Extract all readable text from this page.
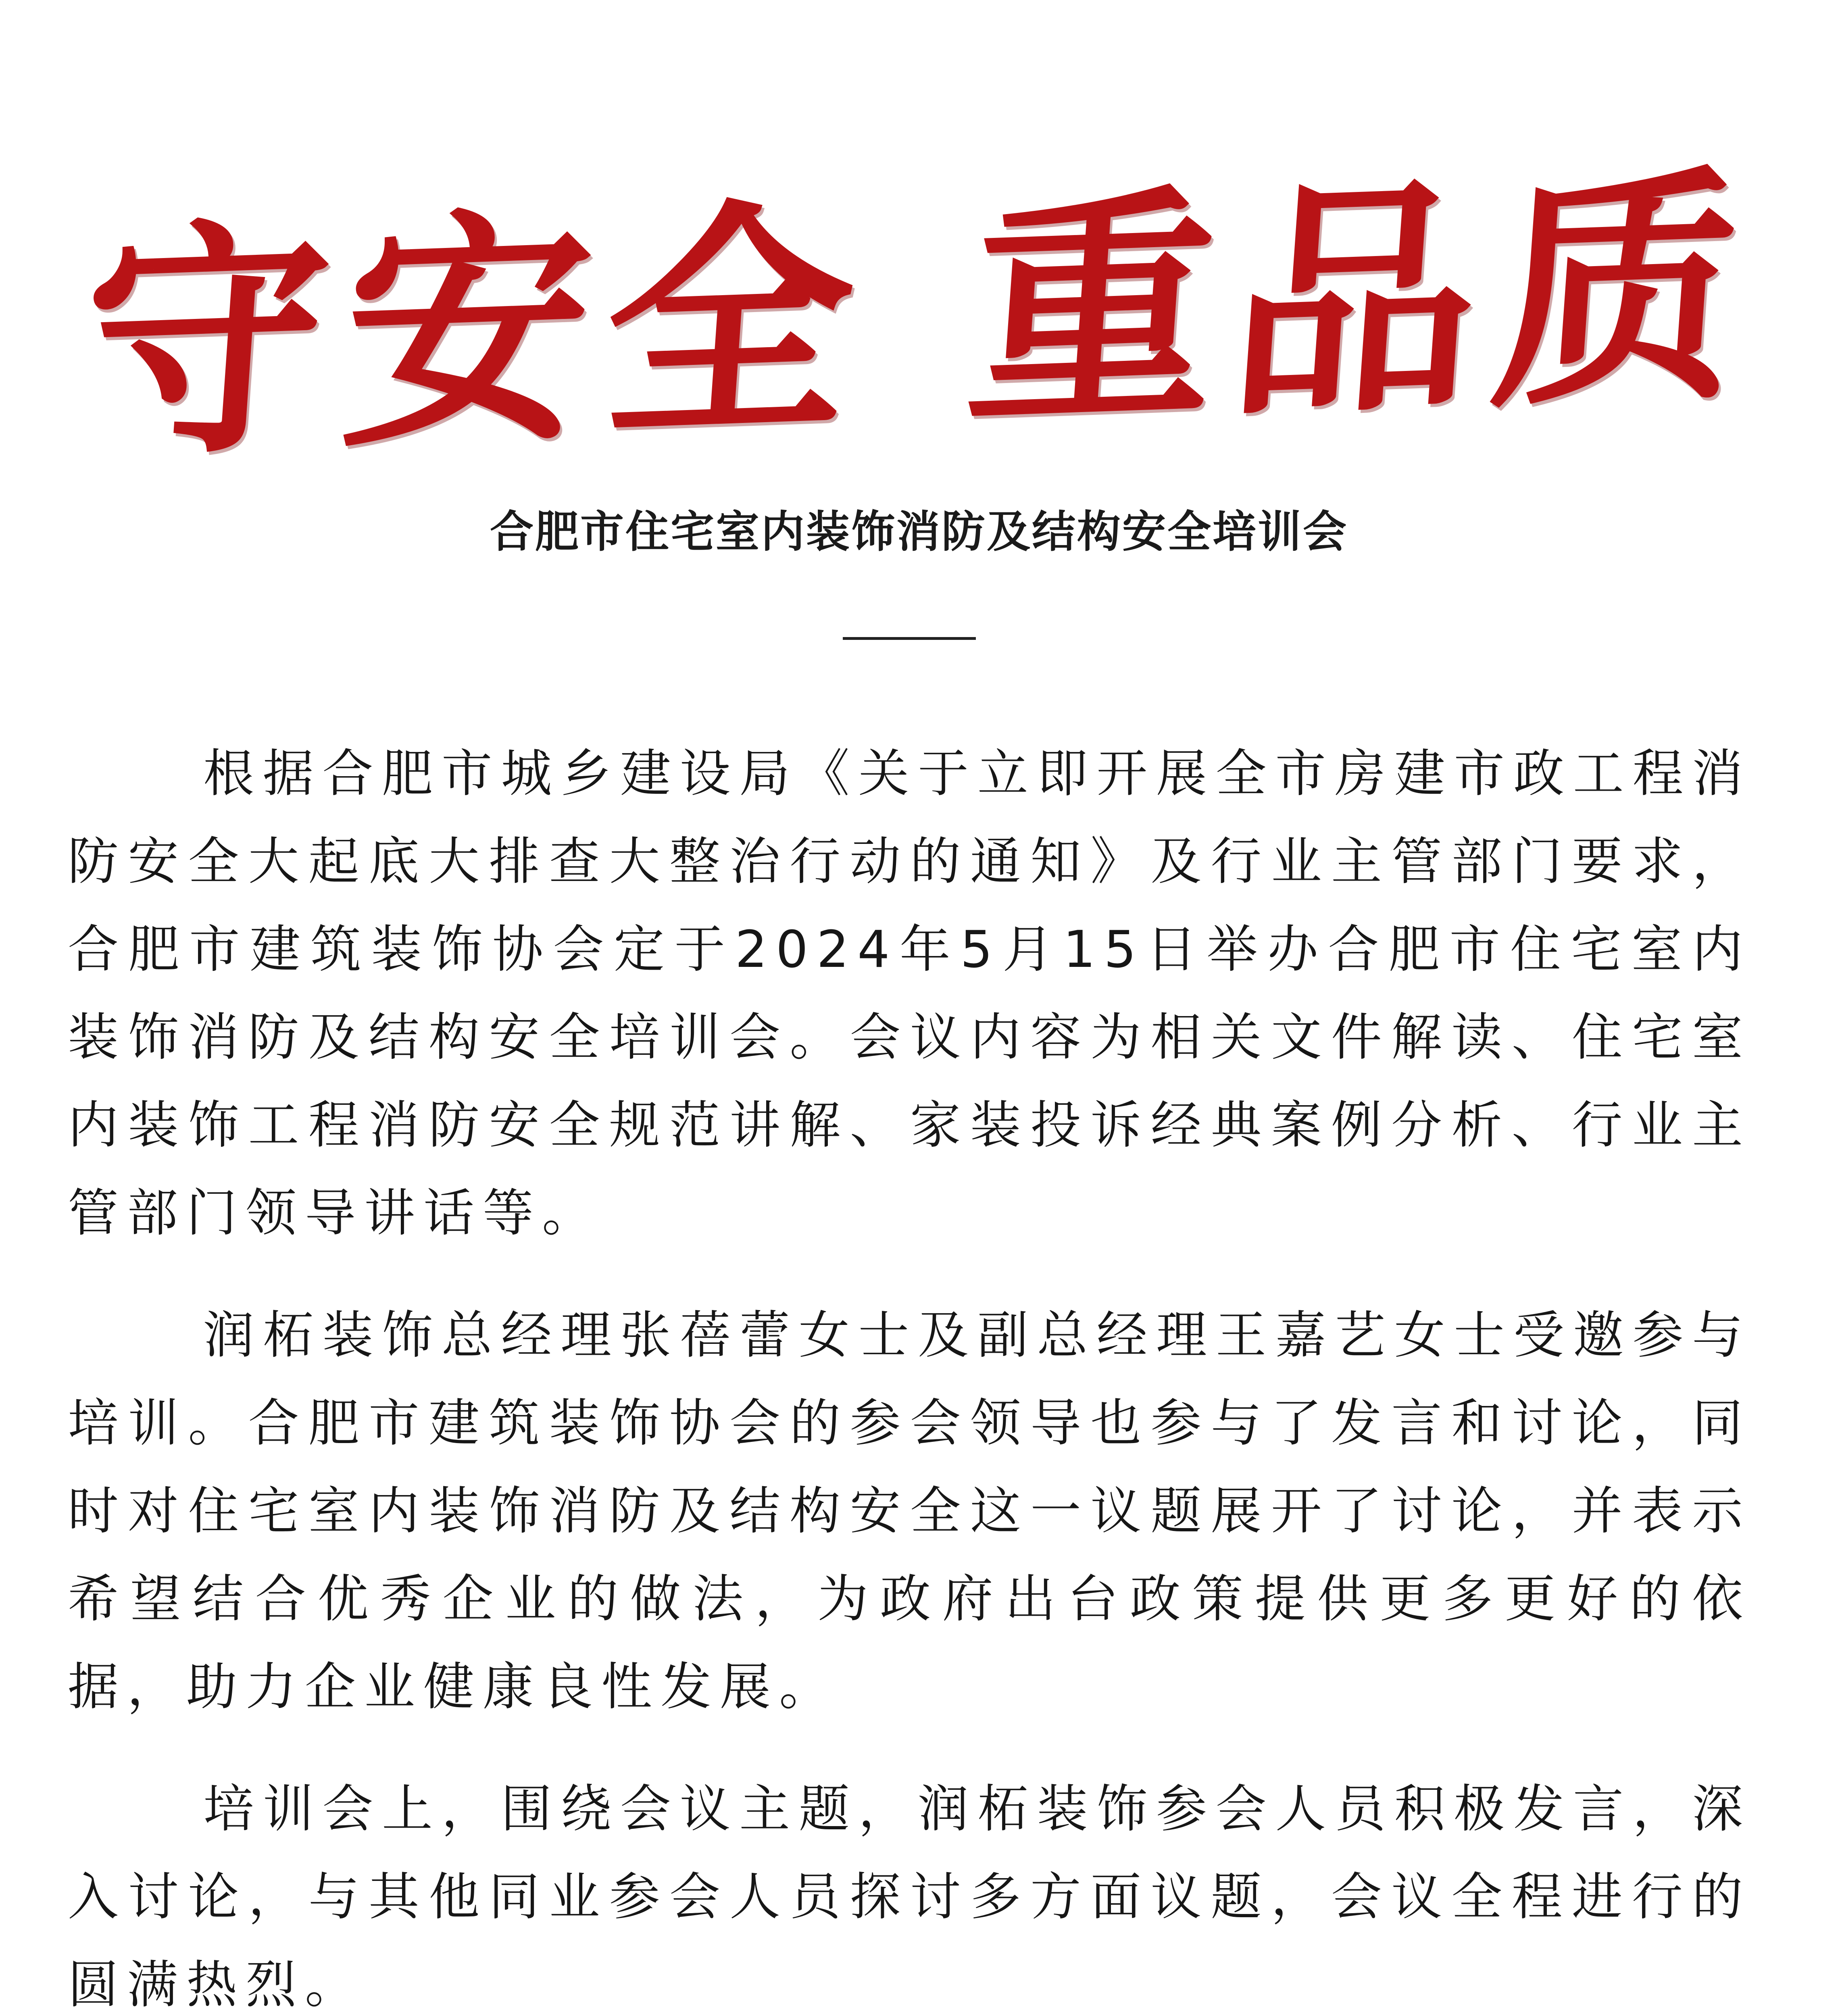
守安全 重品质
合肥市住宅室内装饰消防及结构安全培训会

根据合肥市城乡建设局《关于立即开展全市房建市政工程消防安全大起底大排查大整治行动的通知》及行业主管部门要求，合肥市建筑装饰协会定于2024年5月15日举办合肥市住宅室内装饰消防及结构安全培训会。会议内容为相关文件解读、住宅室内装饰工程消防安全规范讲解、家装投诉经典案例分析、行业主管部门领导讲话等。

润柘装饰总经理张蓓蕾女士及副总经理王嘉艺女士受邀参与培训。合肥市建筑装饰协会的参会领导也参与了发言和讨论，同时对住宅室内装饰消防及结构安全这一议题展开了讨论，并表示希望结合优秀企业的做法，为政府出台政策提供更多更好的依据，助力企业健康良性发展。

培训会上，围绕会议主题，润柘装饰参会人员积极发言，深入讨论，与其他同业参会人员探讨多方面议题，会议全程进行的圆满热烈。
